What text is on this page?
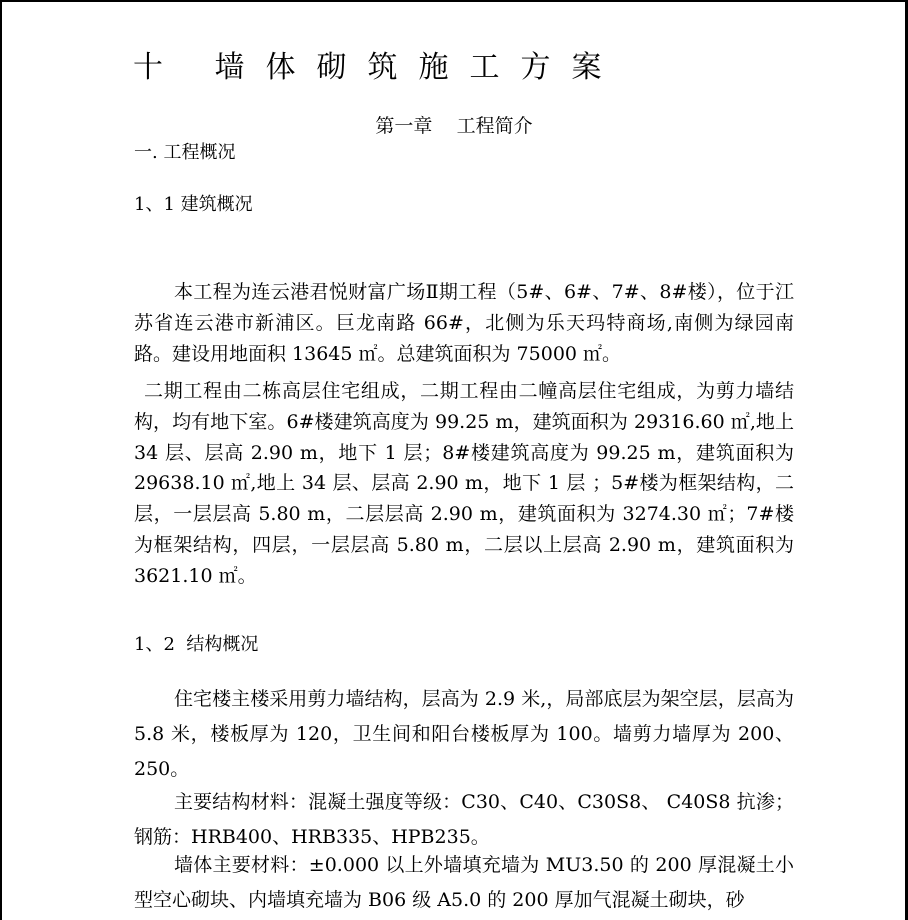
十 墙体砌筑施工方案
第一章    工程简介
一. 工程概况
1、1 建筑概况
本工程为连云港君悦财富广场Ⅱ期工程（5#、6#、7#、8#楼），位于江苏省连云港市新浦区。巨龙南路 66#，北侧为乐天玛特商场,南侧为绿园南路。建设用地面积 13645 ㎡。总建筑面积为 75000 ㎡。
二期工程由二栋高层住宅组成，二期工程由二幢高层住宅组成，为剪力墙结构，均有地下室。6#楼建筑高度为 99.25 m，建筑面积为 29316.60 ㎡,地上 34 层、层高 2.90 m，地下 1 层；8#楼建筑高度为 99.25 m，建筑面积为 29638.10 ㎡,地上 34 层、层高 2.90 m，地下 1 层 ；5#楼为框架结构，二层，一层层高 5.80 m，二层层高 2.90 m，建筑面积为 3274.30 ㎡；7#楼为框架结构，四层，一层层高 5.80 m，二层以上层高 2.90 m，建筑面积为 3621.10 ㎡。
1、2  结构概况
住宅楼主楼采用剪力墙结构，层高为 2.9 米,，局部底层为架空层，层高为 5.8 米，楼板厚为 120，卫生间和阳台楼板厚为 100。墙剪力墙厚为 200、250。
主要结构材料：混凝土强度等级：C30、C40、C30S8、 C40S8 抗渗；钢筋：HRB400、HRB335、HPB235。
墙体主要材料：±0.000 以上外墙填充墙为 MU3.50 的 200 厚混凝土小型空心砌块、内墙填充墙为 B06 级 A5.0 的 200 厚加气混凝土砌块，砂
